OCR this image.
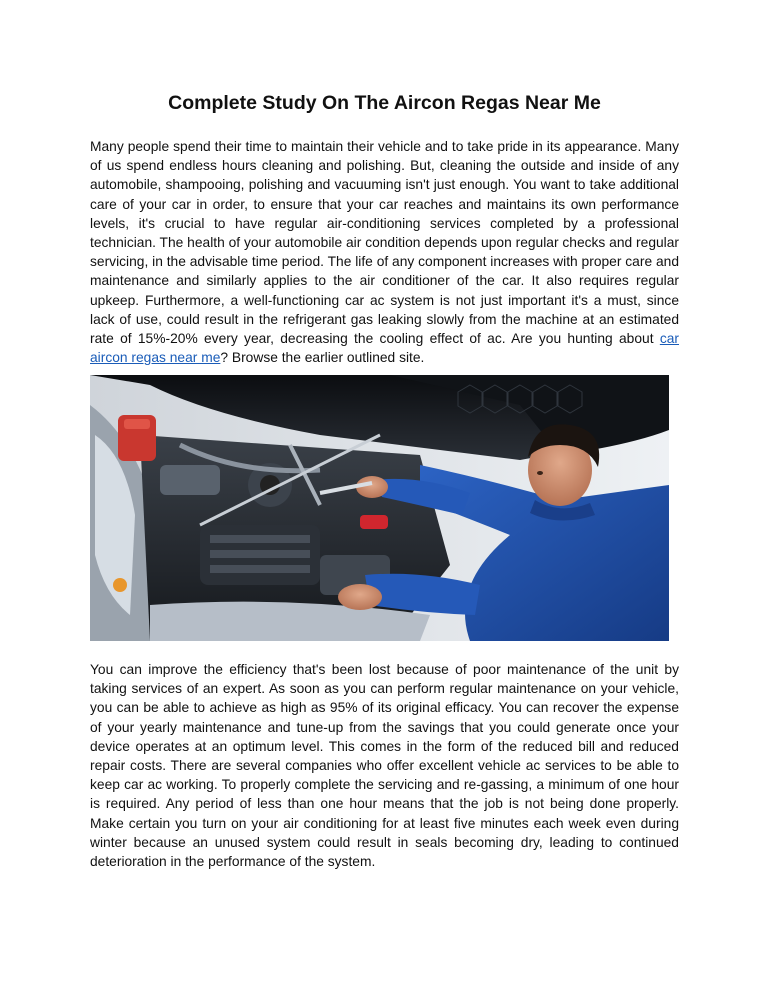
Complete Study On The Aircon Regas Near Me

Many people spend their time to maintain their vehicle and to take pride in its appearance. Many of us spend endless hours cleaning and polishing. But, cleaning the outside and inside of any automobile, shampooing, polishing and vacuuming isn't just enough. You want to take additional care of your car in order, to ensure that your car reaches and maintains its own performance levels, it's crucial to have regular air-conditioning services completed by a professional technician. The health of your automobile air condition depends upon regular checks and regular servicing, in the advisable time period. The life of any component increases with proper care and maintenance and similarly applies to the air conditioner of the car. It also requires regular upkeep. Furthermore, a well-functioning car ac system is not just important it's a must, since lack of use, could result in the refrigerant gas leaking slowly from the machine at an estimated rate of 15%-20% every year, decreasing the cooling effect of ac. Are you hunting about car aircon regas near me? Browse the earlier outlined site.

You can improve the efficiency that's been lost because of poor maintenance of the unit by taking services of an expert. As soon as you can perform regular maintenance on your vehicle, you can be able to achieve as high as 95% of its original efficacy. You can recover the expense of your yearly maintenance and tune-up from the savings that you could generate once your device operates at an optimum level. This comes in the form of the reduced bill and reduced repair costs. There are several companies who offer excellent vehicle ac services to be able to keep car ac working. To properly complete the servicing and re-gassing, a minimum of one hour is required. Any period of less than one hour means that the job is not being done properly. Make certain you turn on your air conditioning for at least five minutes each week even during winter because an unused system could result in seals becoming dry, leading to continued deterioration in the performance of the system.
